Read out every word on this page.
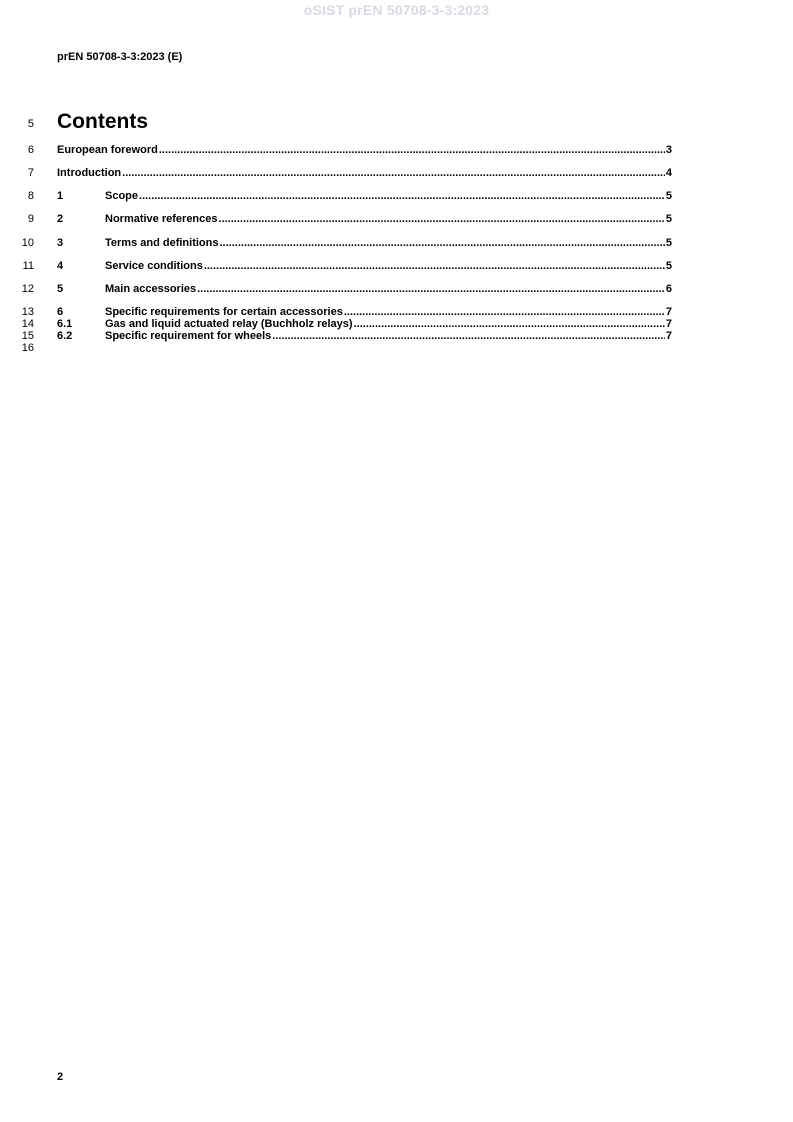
oSIST prEN 50708-3-3:2023
prEN 50708-3-3:2023 (E)
5 Contents
6 European foreword .....	3
7 Introduction .....	4
8 1	Scope .....	5
9 2	Normative references .....	5
10 3	Terms and definitions .....	5
11 4	Service conditions .....	5
12 5	Main accessories .....	6
13 6	Specific requirements for certain accessories .....	7
14 6.1	Gas and liquid actuated relay (Buchholz relays) .....	7
15 6.2	Specific requirement for wheels .....	7
16
2
